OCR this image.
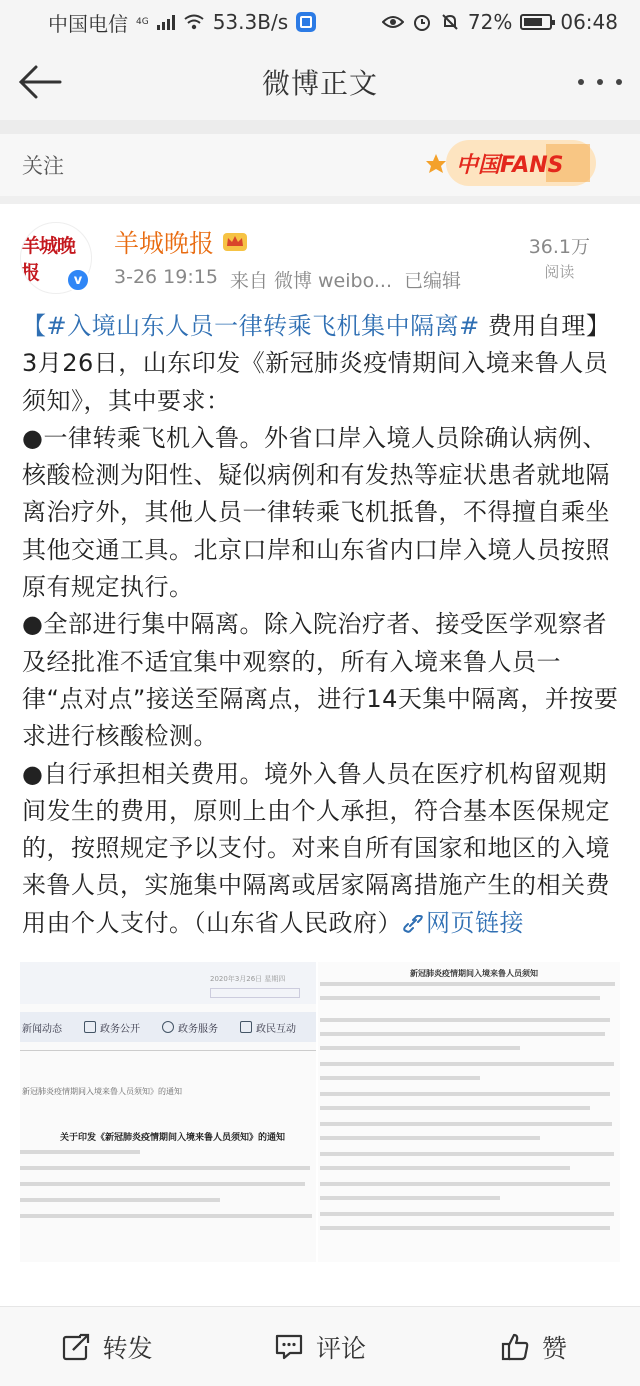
中国电信 4G	53.3B/s	72% 06:48
微博正文
关注	中国FANS
羊城晚报	v
羊城晚报
3-26 19:15 来自 微博 weibo... 已编辑
36.1万
阅读

【#入境山东人员一律转乘飞机集中隔离# 费用自理】3月26日，山东印发《新冠肺炎疫情期间入境来鲁人员须知》，其中要求：

●一律转乘飞机入鲁。外省口岸入境人员除确认病例、核酸检测为阳性、疑似病例和有发热等症状患者就地隔离治疗外，其他人员一律转乘飞机抵鲁，不得擅自乘坐其他交通工具。北京口岸和山东省内口岸入境人员按照原有规定执行。

●全部进行集中隔离。除入院治疗者、接受医学观察者及经批准不适宜集中观察的，所有入境来鲁人员一律“点对点”接送至隔离点，进行14天集中隔离，并按要求进行核酸检测。

●自行承担相关费用。境外入鲁人员在医疗机构留观期间发生的费用，原则上由个人承担，符合基本医保规定的，按照规定予以支付。对来自所有国家和地区的入境来鲁人员，实施集中隔离或居家隔离措施产生的相关费用由个人支付。（山东省人民政府） 网页链接

2020年3月26日 星期四
新闻动态	政务公开	政务服务	政民互动
新冠肺炎疫情期间入境来鲁人员须知》的通知
关于印发《新冠肺炎疫情期间入境来鲁人员须知》的通知
新冠肺炎疫情期间入境来鲁人员须知
转发	评论	赞
